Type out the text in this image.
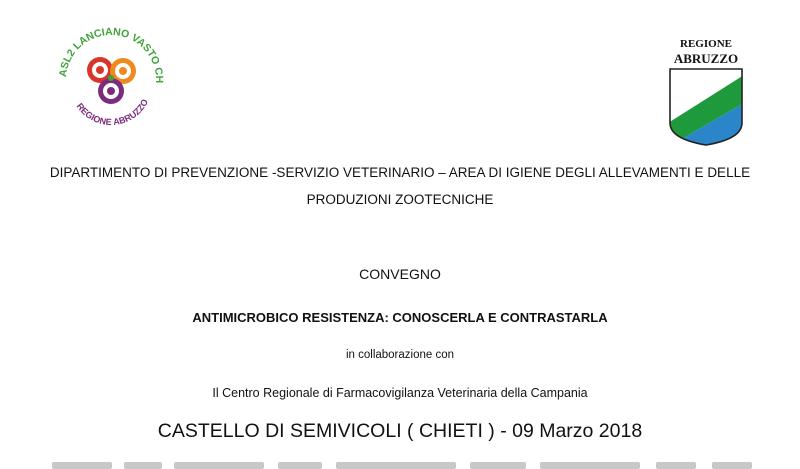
ASL2 LANCIANO VASTO CH
REGIONE ABRUZZO
REGIONE
ABRUZZO
DIPARTIMENTO DI PREVENZIONE -SERVIZIO VETERINARIO – AREA DI IGIENE DEGLI ALLEVAMENTI E DELLE
PRODUZIONI ZOOTECNICHE
CONVEGNO
ANTIMICROBICO RESISTENZA: CONOSCERLA E CONTRASTARLA
in collaborazione con
Il Centro Regionale di Farmacovigilanza Veterinaria della Campania
CASTELLO DI SEMIVICOLI ( CHIETI ) - 09 Marzo 2018
